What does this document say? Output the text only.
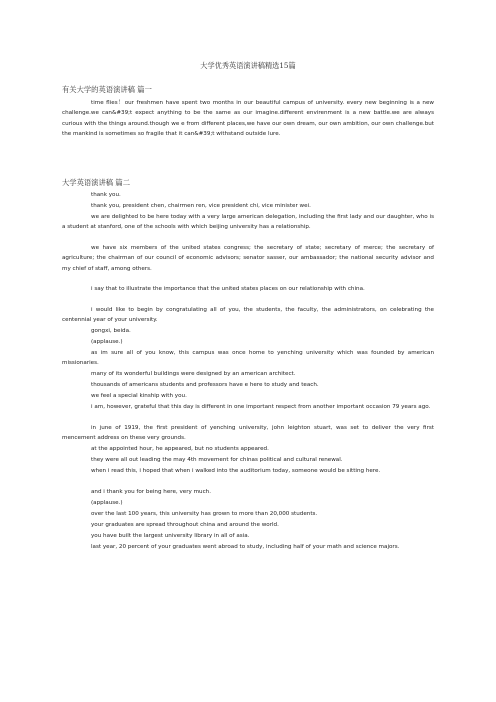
大学优秀英语演讲稿精选15篇
有关大学的英语演讲稿 篇一
time flies！our freshmen have spent two months in our beautiful campus of university. every new beginning is a new challenge.we can&#39;t expect anything to be the same as our imagine.different envirenment is a new battle.we are always curious with the things around.though we e from different places,we have our own dream, our own ambition, our own challenge.but the mankind is sometimes so fragile that it can&#39;t withstand outside lure.
大学英语演讲稿 篇二
thank you.
thank you, president chen, chairmen ren, vice president chi, vice minister wei.
we are delighted to be here today with a very large american delegation, including the first lady and our daughter, who is a student at stanford, one of the schools with which beijing university has a relationship.
we have six members of the united states congress; the secretary of state; secretary of merce; the secretary of agriculture; the chairman of our council of economic advisors; senator sasser, our ambassador; the national security advisor and my chief of staff, among others.
i say that to illustrate the importance that the united states places on our relationship with china.
i would like to begin by congratulating all of you, the students, the faculty, the administrators, on celebrating the centennial year of your university.
gongxi, beida.
(applause.)
as im sure all of you know, this campus was once home to yenching university which was founded by american missionaries.
many of its wonderful buildings were designed by an american architect.
thousands of americans students and professors have e here to study and teach.
we feel a special kinship with you.
i am, however, grateful that this day is different in one important respect from another important occasion 79 years ago.
in june of 1919, the first president of yenching university, john leighton stuart, was set to deliver the very first mencement address on these very grounds.
at the appointed hour, he appeared, but no students appeared.
they were all out leading the may 4th movement for chinas political and cultural renewal.
when i read this, i hoped that when i walked into the auditorium today, someone would be sitting here.
and i thank you for being here, very much.
(applause.)
over the last 100 years, this university has grown to more than 20,000 students.
your graduates are spread throughout china and around the world.
you have built the largest university library in all of asia.
last year, 20 percent of your graduates went abroad to study, including half of your math and science majors.
